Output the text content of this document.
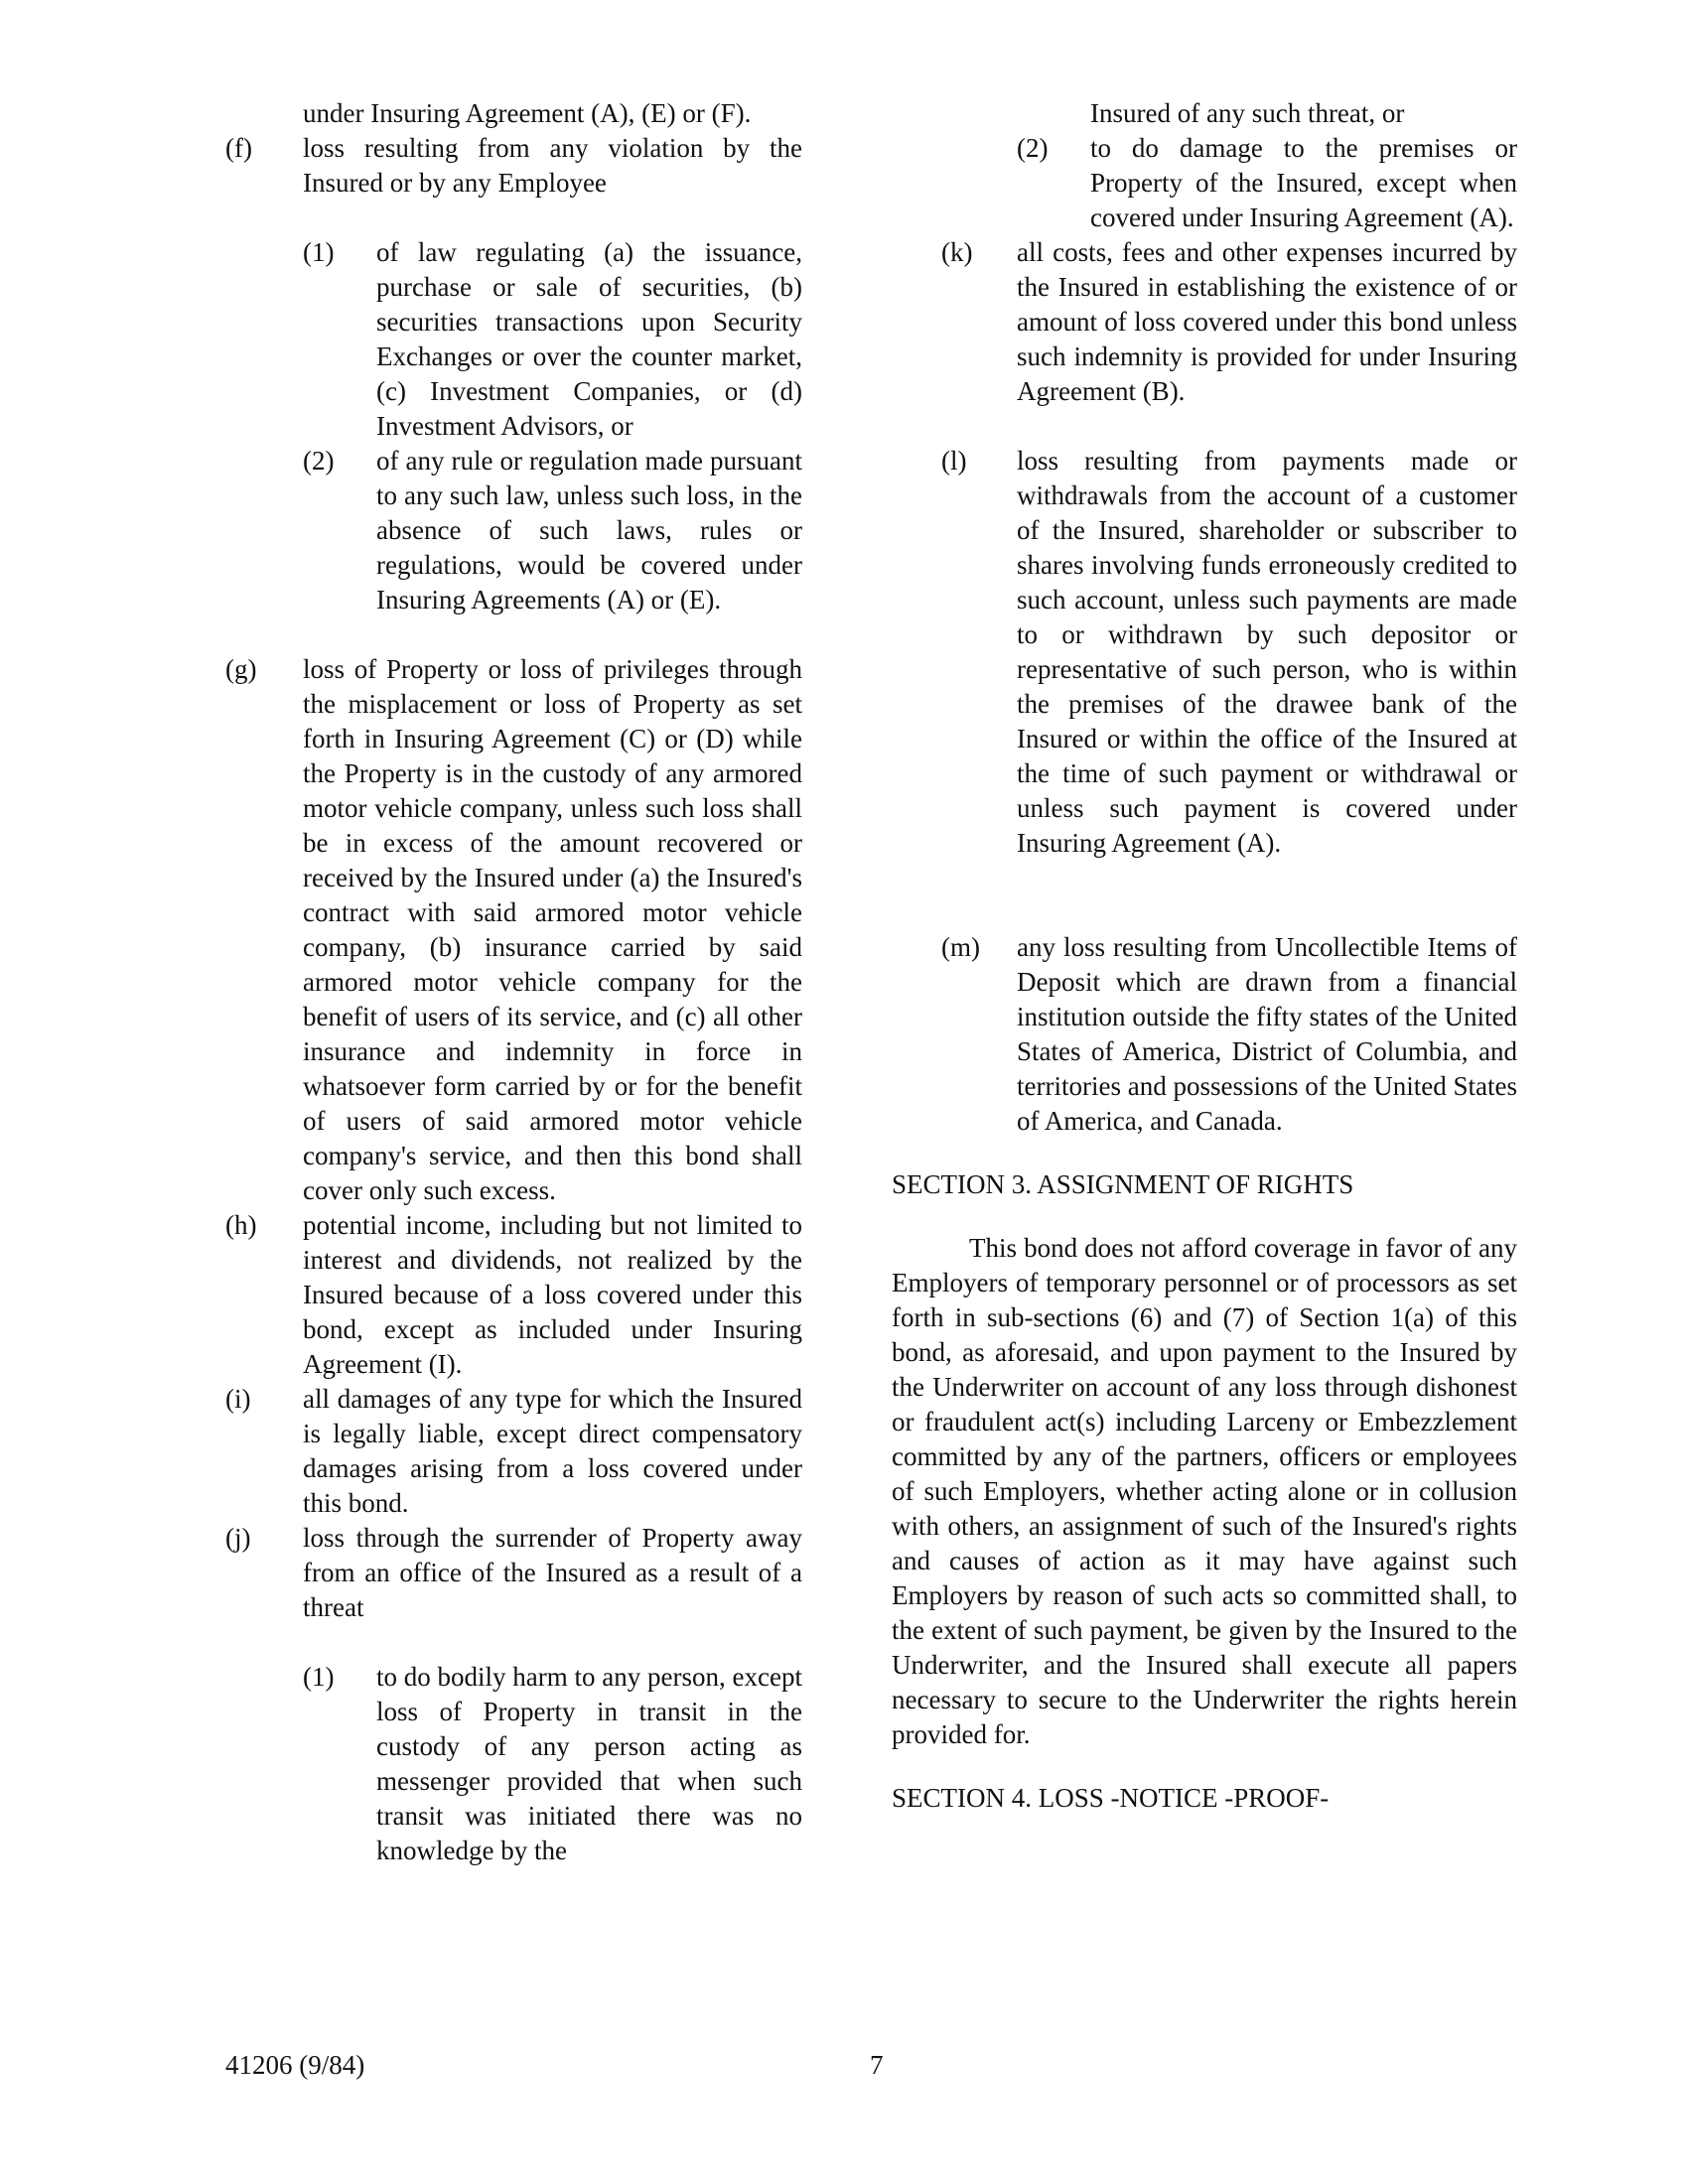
under Insuring Agreement (A), (E) or (F).
(f) loss resulting from any violation by the Insured or by any Employee
(1) of law regulating (a) the issuance, purchase or sale of securities, (b) securities transactions upon Security Exchanges or over the counter market, (c) Investment Companies, or (d) Investment Advisors, or
(2) of any rule or regulation made pursuant to any such law, unless such loss, in the absence of such laws, rules or regulations, would be covered under Insuring Agreements (A) or (E).
(g) loss of Property or loss of privileges through the misplacement or loss of Property as set forth in Insuring Agreement (C) or (D) while the Property is in the custody of any armored motor vehicle company, unless such loss shall be in excess of the amount recovered or received by the Insured under (a) the Insured's contract with said armored motor vehicle company, (b) insurance carried by said armored motor vehicle company for the benefit of users of its service, and (c) all other insurance and indemnity in force in whatsoever form carried by or for the benefit of users of said armored motor vehicle company's service, and then this bond shall cover only such excess.
(h) potential income, including but not limited to interest and dividends, not realized by the Insured because of a loss covered under this bond, except as included under Insuring Agreement (I).
(i) all damages of any type for which the Insured is legally liable, except direct compensatory damages arising from a loss covered under this bond.
(j) loss through the surrender of Property away from an office of the Insured as a result of a threat
(1) to do bodily harm to any person, except loss of Property in transit in the custody of any person acting as messenger provided that when such transit was initiated there was no knowledge by the
Insured of any such threat, or
(2) to do damage to the premises or Property of the Insured, except when covered under Insuring Agreement (A).
(k) all costs, fees and other expenses incurred by the Insured in establishing the existence of or amount of loss covered under this bond unless such indemnity is provided for under Insuring Agreement (B).
(l) loss resulting from payments made or withdrawals from the account of a customer of the Insured, shareholder or subscriber to shares involving funds erroneously credited to such account, unless such payments are made to or withdrawn by such depositor or representative of such person, who is within the premises of the drawee bank of the Insured or within the office of the Insured at the time of such payment or withdrawal or unless such payment is covered under Insuring Agreement (A).
(m) any loss resulting from Uncollectible Items of Deposit which are drawn from a financial institution outside the fifty states of the United States of America, District of Columbia, and territories and possessions of the United States of America, and Canada.
SECTION 3. ASSIGNMENT OF RIGHTS
This bond does not afford coverage in favor of any Employers of temporary personnel or of processors as set forth in sub-sections (6) and (7) of Section 1(a) of this bond, as aforesaid, and upon payment to the Insured by the Underwriter on account of any loss through dishonest or fraudulent act(s) including Larceny or Embezzlement committed by any of the partners, officers or employees of such Employers, whether acting alone or in collusion with others, an assignment of such of the Insured's rights and causes of action as it may have against such Employers by reason of such acts so committed shall, to the extent of such payment, be given by the Insured to the Underwriter, and the Insured shall execute all papers necessary to secure to the Underwriter the rights herein provided for.
SECTION 4. LOSS -NOTICE -PROOF-
41206 (9/84)	7
